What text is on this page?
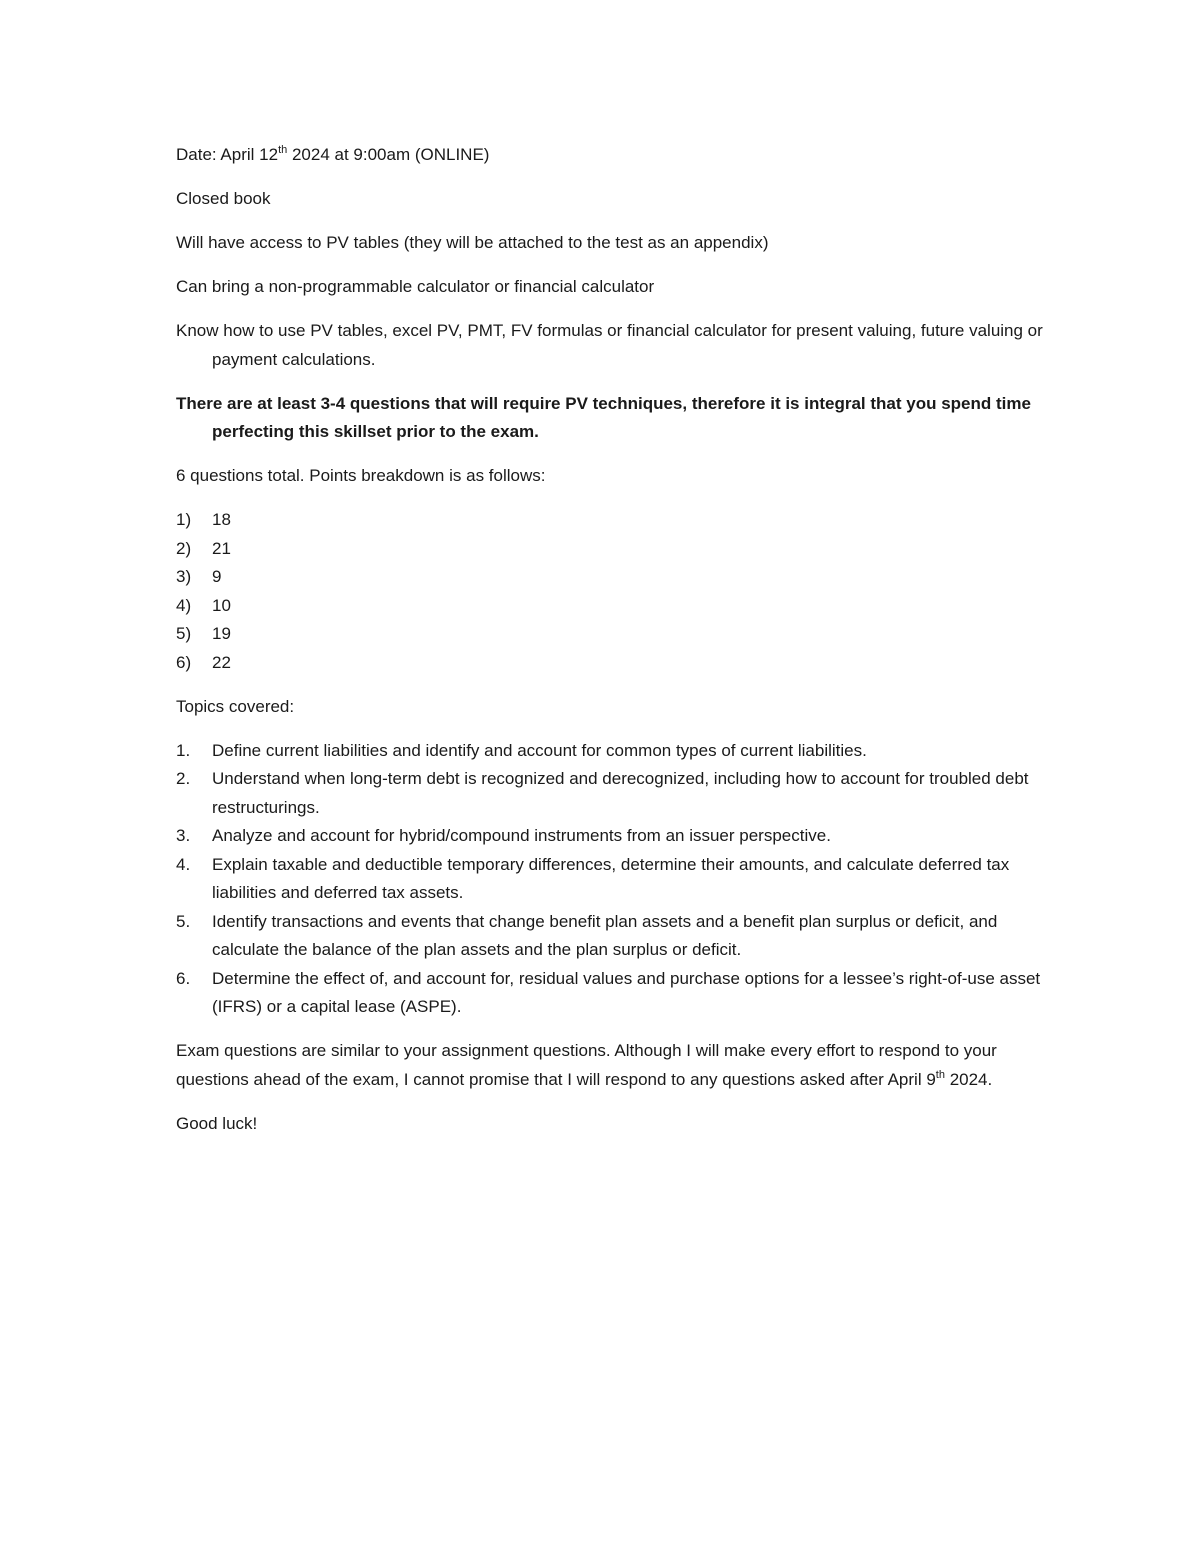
Date: April 12th 2024 at 9:00am (ONLINE)

Closed book

Will have access to PV tables (they will be attached to the test as an appendix)

Can bring a non-programmable calculator or financial calculator

Know how to use PV tables, excel PV, PMT, FV formulas or financial calculator for present valuing, future valuing or payment calculations.

There are at least 3-4 questions that will require PV techniques, therefore it is integral that you spend time perfecting this skillset prior to the exam.

6 questions total. Points breakdown is as follows:

1) 18
2) 21
3) 9
4) 10
5) 19
6) 22

Topics covered:

1. Define current liabilities and identify and account for common types of current liabilities.
2. Understand when long-term debt is recognized and derecognized, including how to account for troubled debt restructurings.
3. Analyze and account for hybrid/compound instruments from an issuer perspective.
4. Explain taxable and deductible temporary differences, determine their amounts, and calculate deferred tax liabilities and deferred tax assets.
5. Identify transactions and events that change benefit plan assets and a benefit plan surplus or deficit, and calculate the balance of the plan assets and the plan surplus or deficit.
6. Determine the effect of, and account for, residual values and purchase options for a lessee’s right-of-use asset (IFRS) or a capital lease (ASPE).

Exam questions are similar to your assignment questions. Although I will make every effort to respond to your questions ahead of the exam, I cannot promise that I will respond to any questions asked after April 9th 2024.

Good luck!
